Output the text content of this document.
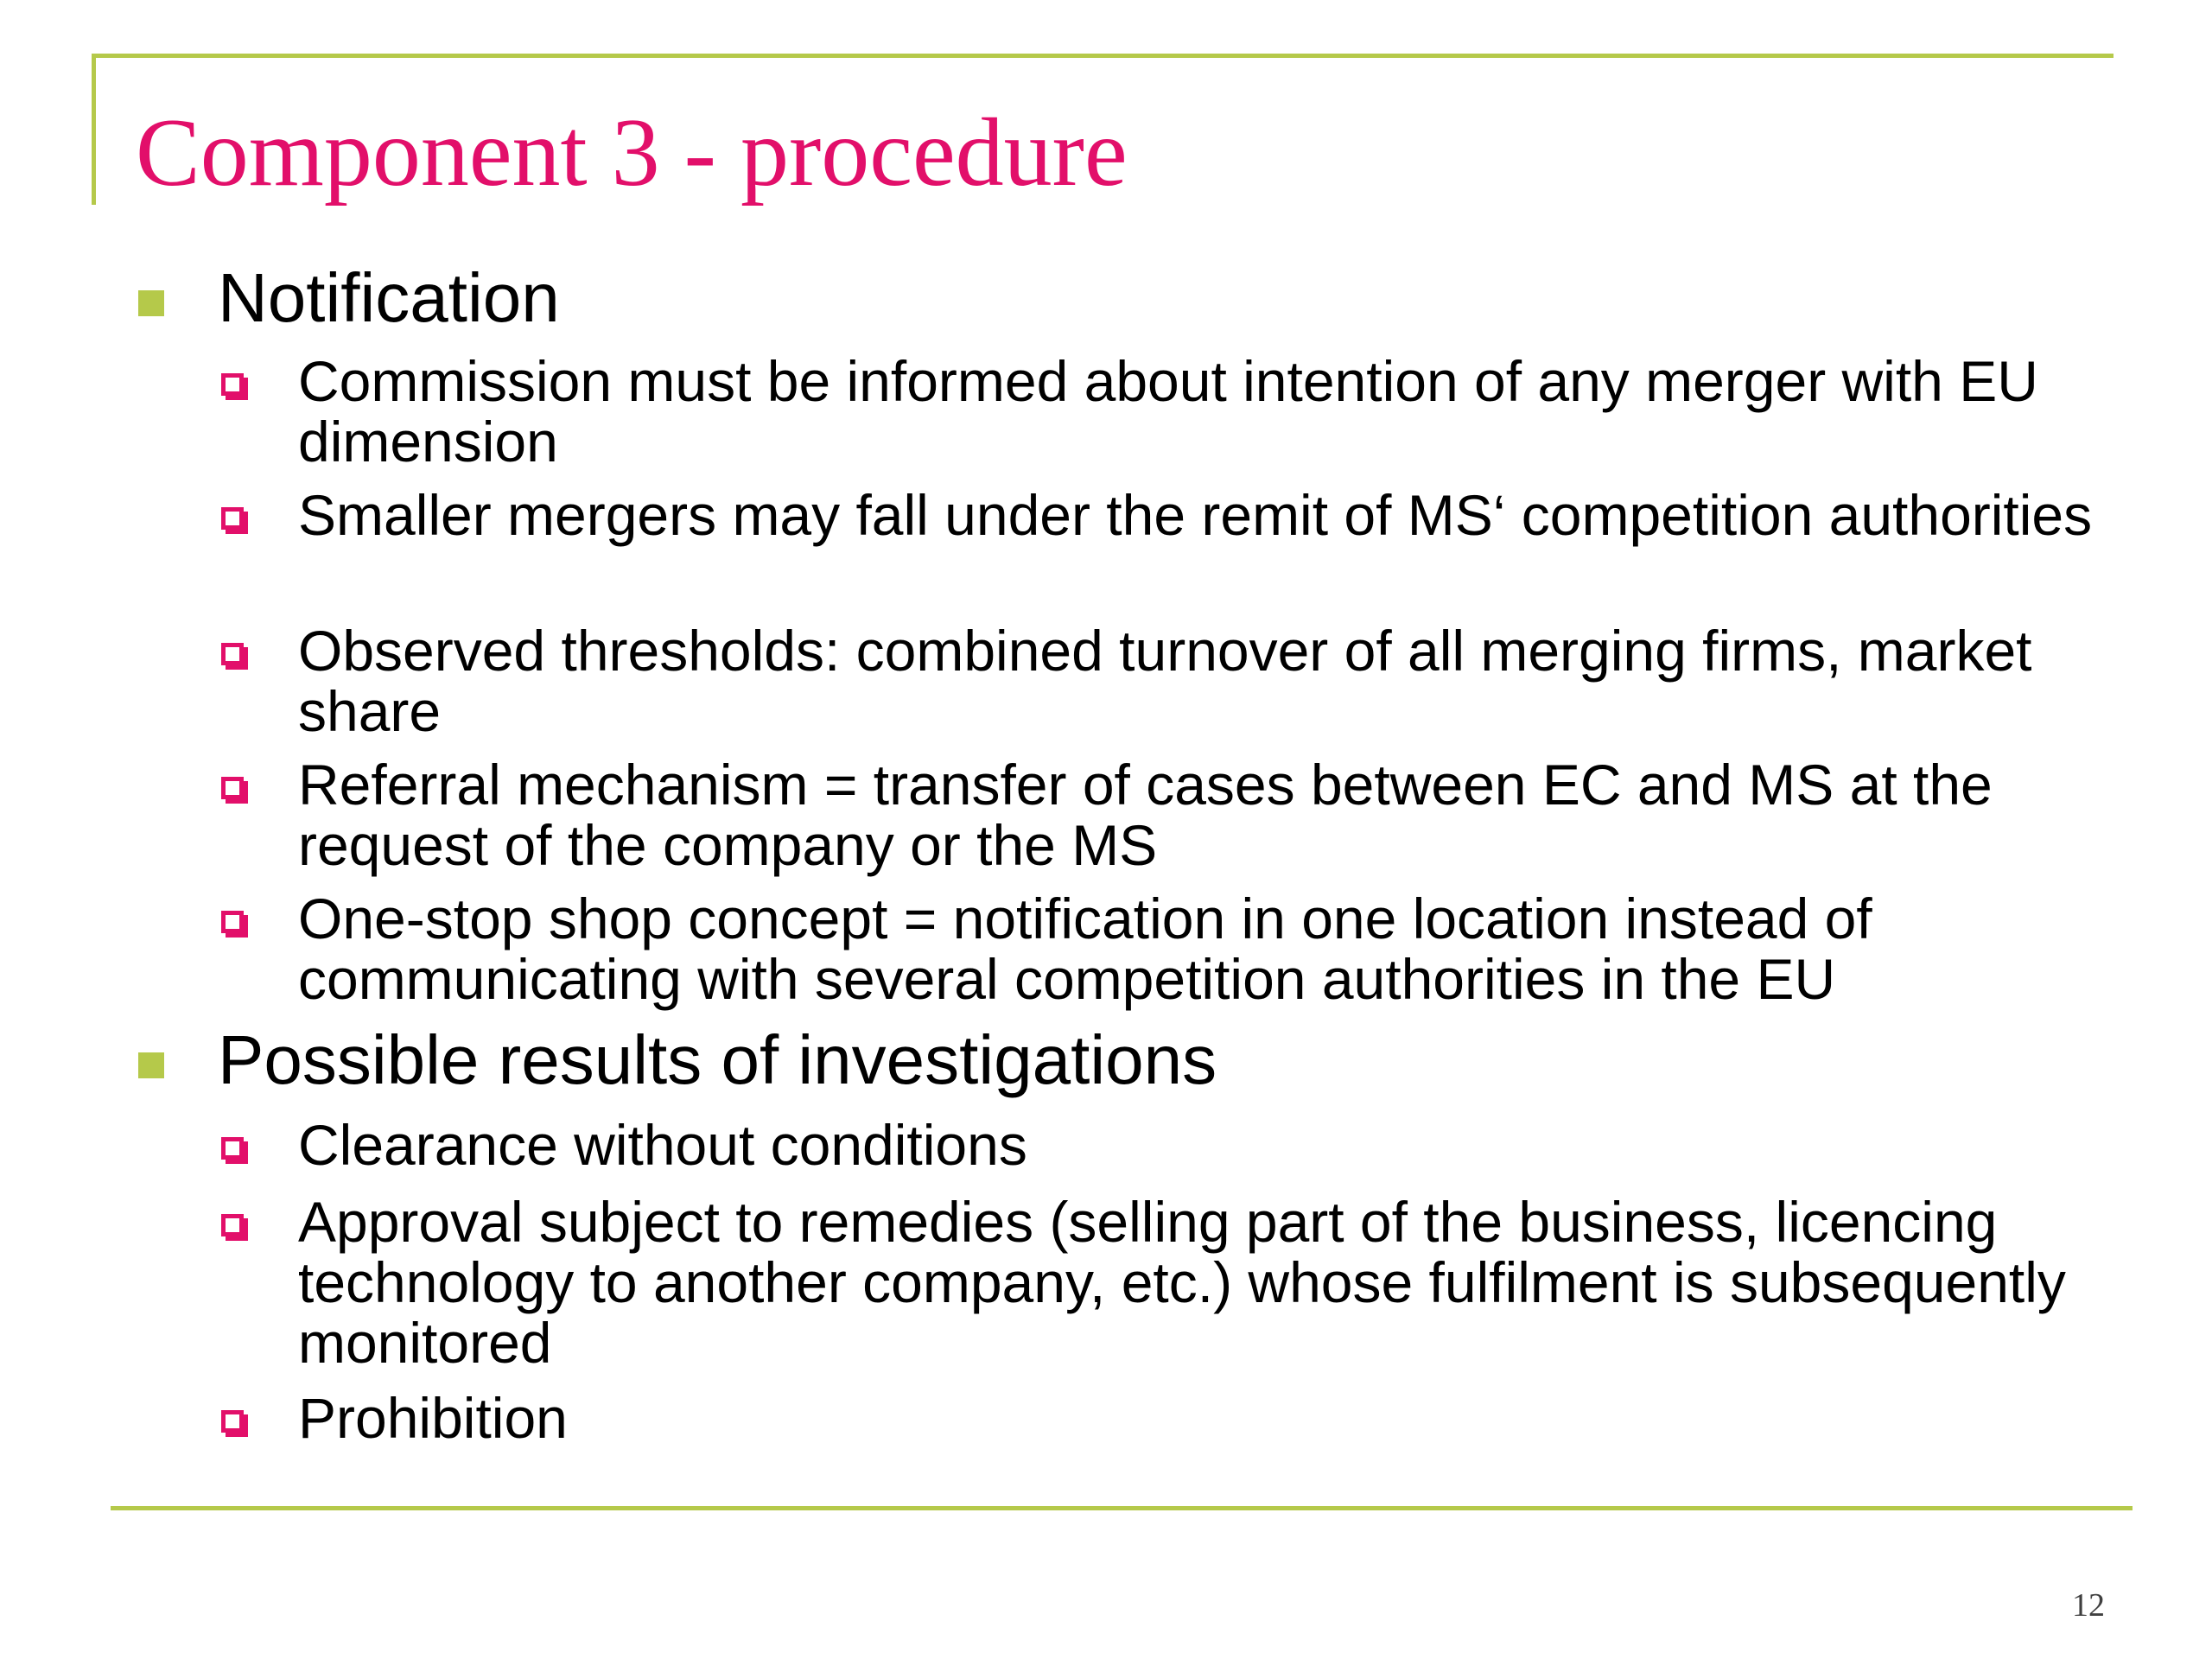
Component 3 - procedure
Notification
Commission must be informed about intention of any merger with EU dimension
Smaller mergers may fall under the remit of MS‘ competition authorities
Observed thresholds: combined turnover of all merging firms, market share
Referral mechanism = transfer of cases between EC and MS at the request of the company or the MS
One-stop shop concept = notification in one location instead of communicating with several competition authorities in the EU
Possible results of investigations
Clearance without conditions
Approval subject to remedies (selling part of the business, licencing technology to another company, etc.) whose fulfilment is subsequently monitored
Prohibition
12
